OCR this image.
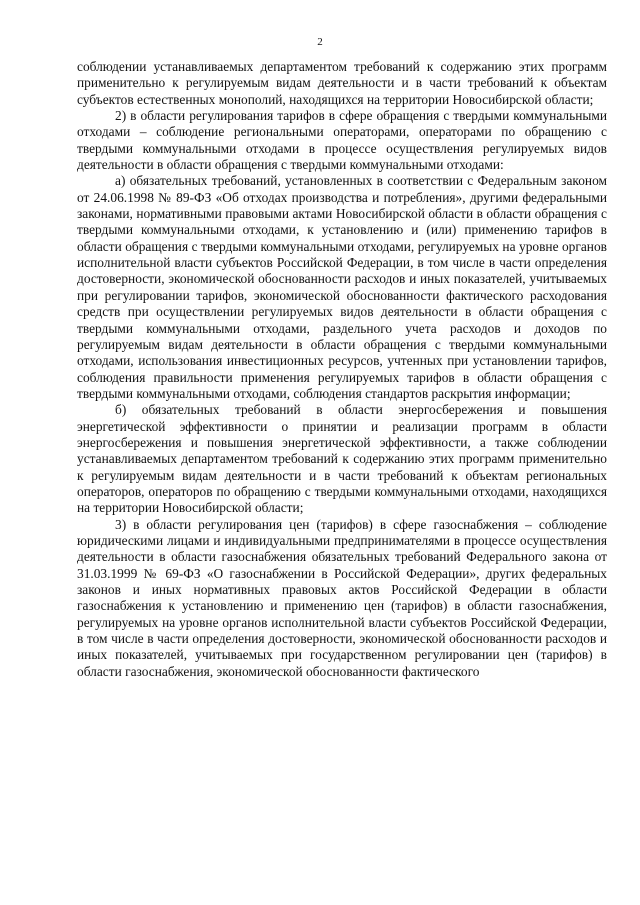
2

соблюдении устанавливаемых департаментом требований к содержанию этих программ применительно к регулируемым видам деятельности и в части требований к объектам субъектов естественных монополий, находящихся на территории Новосибирской области;

2) в области регулирования тарифов в сфере обращения с твердыми коммунальными отходами – соблюдение региональными операторами, операторами по обращению с твердыми коммунальными отходами в процессе осуществления регулируемых видов деятельности в области обращения с твердыми коммунальными отходами:

а) обязательных требований, установленных в соответствии с Федеральным законом от 24.06.1998 № 89-ФЗ «Об отходах производства и потребления», другими федеральными законами, нормативными правовыми актами Новосибирской области в области обращения с твердыми коммунальными отходами, к установлению и (или) применению тарифов в области обращения с твердыми коммунальными отходами, регулируемых на уровне органов исполнительной власти субъектов Российской Федерации, в том числе в части определения достоверности, экономической обоснованности расходов и иных показателей, учитываемых при регулировании тарифов, экономической обоснованности фактического расходования средств при осуществлении регулируемых видов деятельности в области обращения с твердыми коммунальными отходами, раздельного учета расходов и доходов по регулируемым видам деятельности в области обращения с твердыми коммунальными отходами, использования инвестиционных ресурсов, учтенных при установлении тарифов, соблюдения правильности применения регулируемых тарифов в области обращения с твердыми коммунальными отходами, соблюдения стандартов раскрытия информации;

б) обязательных требований в области энергосбережения и повышения энергетической эффективности о принятии и реализации программ в области энергосбережения и повышения энергетической эффективности, а также соблюдении устанавливаемых департаментом требований к содержанию этих программ применительно к регулируемым видам деятельности и в части требований к объектам региональных операторов, операторов по обращению с твердыми коммунальными отходами, находящихся на территории Новосибирской области;

3) в области регулирования цен (тарифов) в сфере газоснабжения – соблюдение юридическими лицами и индивидуальными предпринимателями в процессе осуществления деятельности в области газоснабжения обязательных требований Федерального закона от 31.03.1999 № 69-ФЗ «О газоснабжении в Российской Федерации», других федеральных законов и иных нормативных правовых актов Российской Федерации в области газоснабжения к установлению и применению цен (тарифов) в области газоснабжения, регулируемых на уровне органов исполнительной власти субъектов Российской Федерации, в том числе в части определения достоверности, экономической обоснованности расходов и иных показателей, учитываемых при государственном регулировании цен (тарифов) в области газоснабжения, экономической обоснованности фактического
